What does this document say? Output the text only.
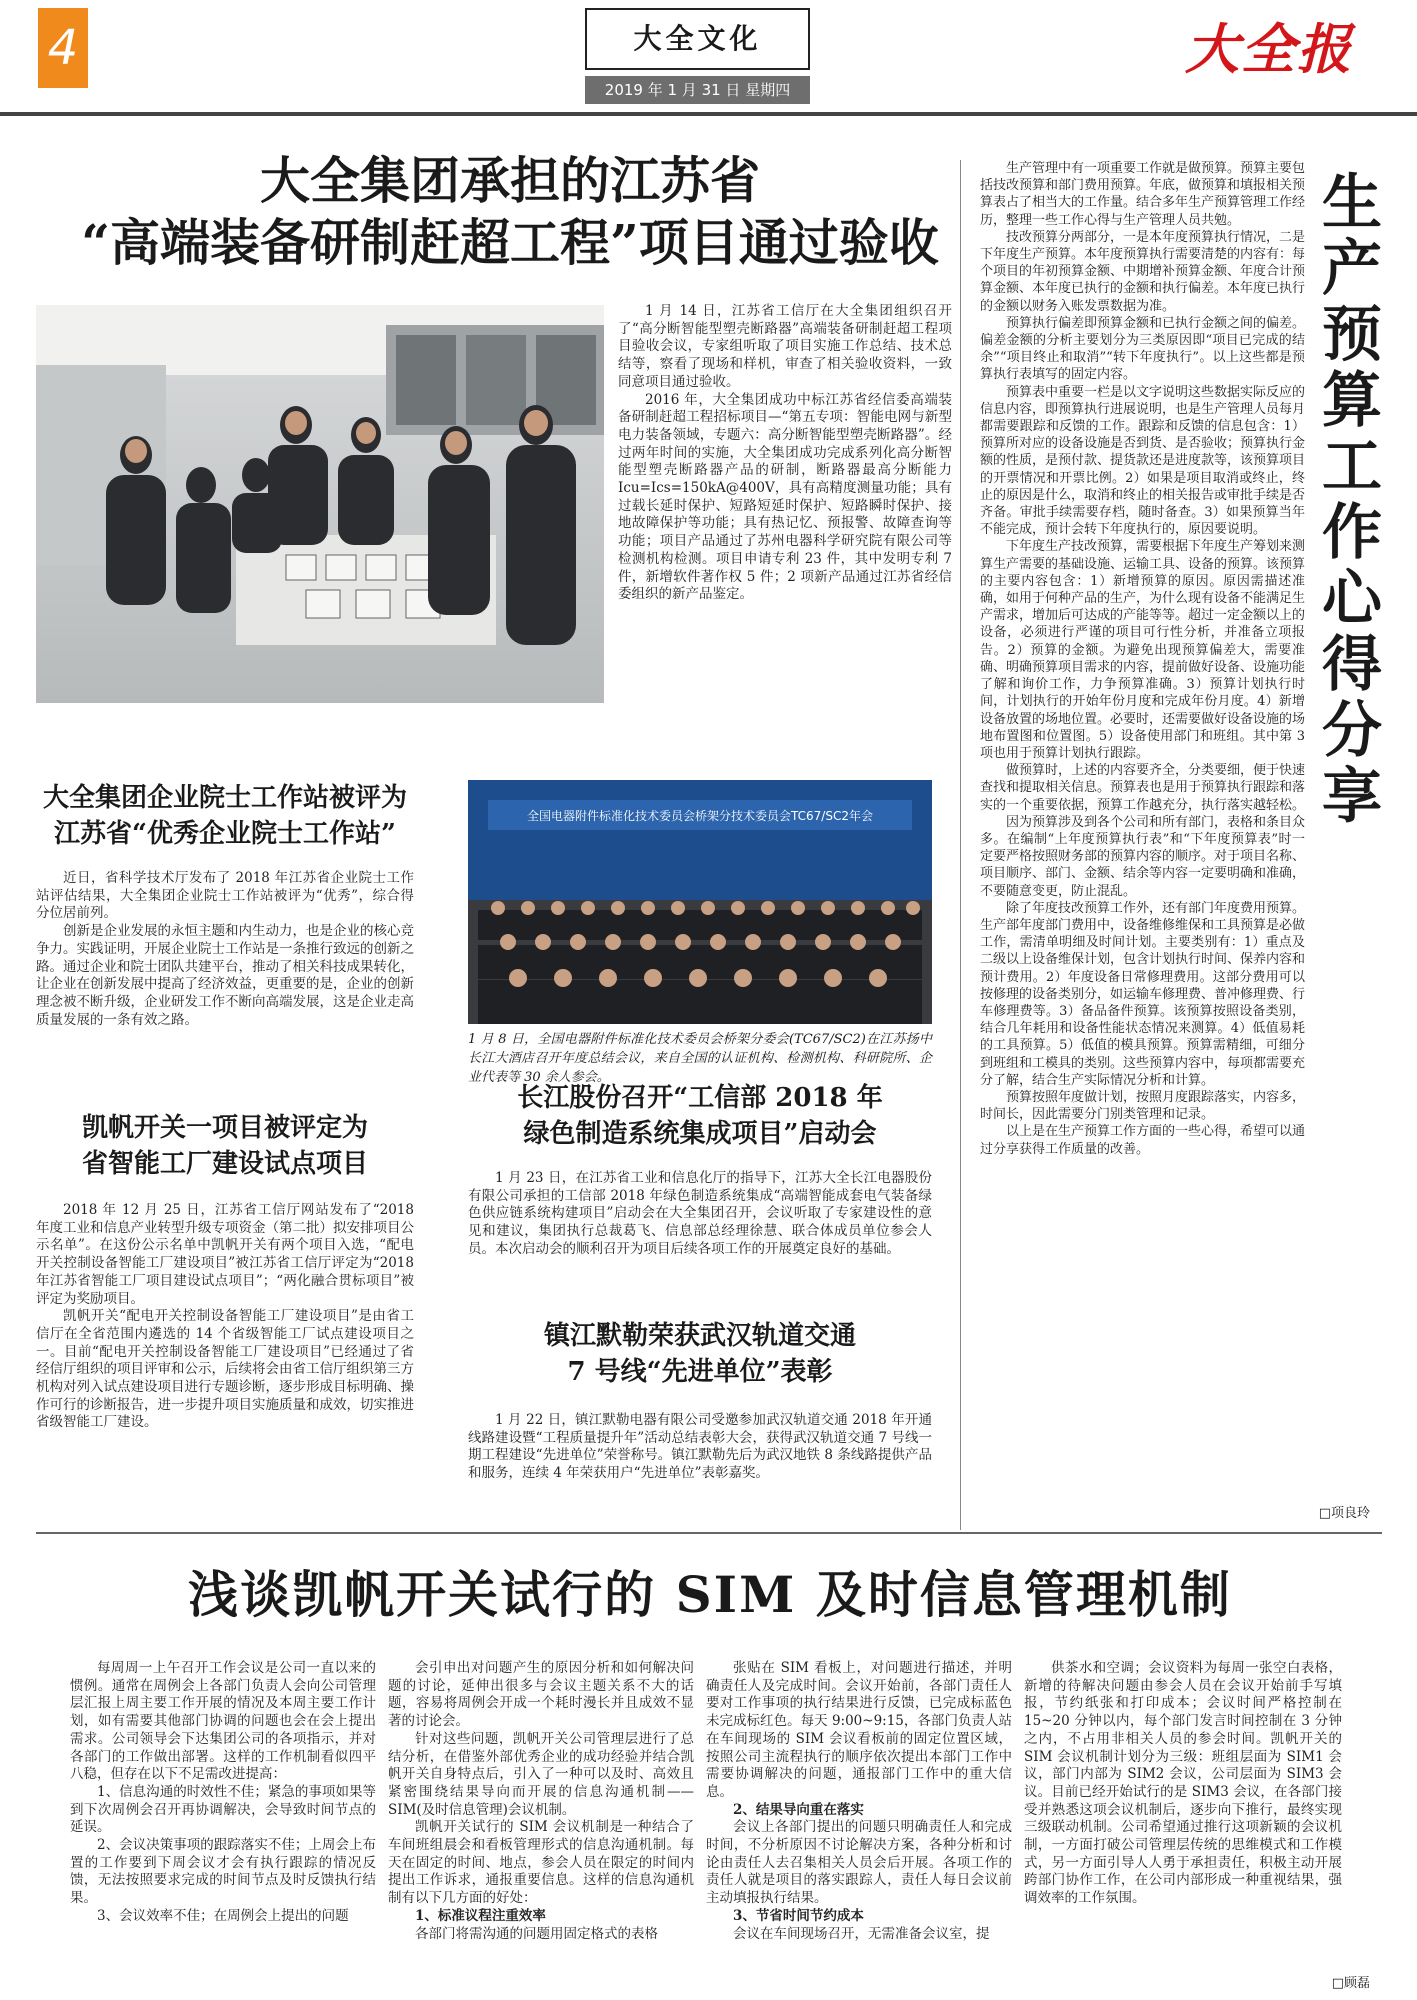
4	大全文化
2019 年 1 月 31 日 星期四
大全报
大全集团承担的江苏省
“高端装备研制赶超工程”项目通过验收

1 月 14 日，江苏省工信厅在大全集团组织召开了“高分断智能型塑壳断路器”高端装备研制赶超工程项目验收会议，专家组听取了项目实施工作总结、技术总结等，察看了现场和样机，审查了相关验收资料，一致同意项目通过验收。

2016 年，大全集团成功中标江苏省经信委高端装备研制赶超工程招标项目—“第五专项：智能电网与新型电力装备领域，专题六：高分断智能型塑壳断路器”。经过两年时间的实施，大全集团成功完成系列化高分断智能型塑壳断路器产品的研制，断路器最高分断能力 Icu=Ics=150kA@400V，具有高精度测量功能；具有过载长延时保护、短路短延时保护、短路瞬时保护、接地故障保护等功能；具有热记忆、预报警、故障查询等功能；项目产品通过了苏州电器科学研究院有限公司等检测机构检测。项目申请专利 23 件，其中发明专利 7 件，新增软件著作权 5 件；2 项新产品通过江苏省经信委组织的新产品鉴定。

大全集团企业院士工作站被评为
江苏省“优秀企业院士工作站”

近日，省科学技术厅发布了 2018 年江苏省企业院士工作站评估结果，大全集团企业院士工作站被评为“优秀”，综合得分位居前列。

创新是企业发展的永恒主题和内生动力，也是企业的核心竞争力。实践证明，开展企业院士工作站是一条推行致远的创新之路。通过企业和院士团队共建平台，推动了相关科技成果转化，让企业在创新发展中提高了经济效益，更重要的是，企业的创新理念被不断升级，企业研发工作不断向高端发展，这是企业走高质量发展的一条有效之路。

全国电器附件标准化技术委员会桥架分技术委员会TC67/SC2年会
1 月 8 日，全国电器附件标准化技术委员会桥架分委会(TC67/SC2)在江苏扬中长江大酒店召开年度总结会议，来自全国的认证机构、检测机构、科研院所、企业代表等 30 余人参会。
凯帆开关一项目被评定为
省智能工厂建设试点项目

2018 年 12 月 25 日，江苏省工信厅网站发布了“2018 年度工业和信息产业转型升级专项资金（第二批）拟安排项目公示名单”。在这份公示名单中凯帆开关有两个项目入选，“配电开关控制设备智能工厂建设项目”被江苏省工信厅评定为“2018 年江苏省智能工厂项目建设试点项目”；“两化融合贯标项目”被评定为奖励项目。

凯帆开关“配电开关控制设备智能工厂建设项目”是由省工信厅在全省范围内遴选的 14 个省级智能工厂试点建设项目之一。目前“配电开关控制设备智能工厂建设项目”已经通过了省经信厅组织的项目评审和公示，后续将会由省工信厅组织第三方机构对列入试点建设项目进行专题诊断，逐步形成目标明确、操作可行的诊断报告，进一步提升项目实施质量和成效，切实推进省级智能工厂建设。

长江股份召开“工信部 2018 年
绿色制造系统集成项目”启动会

1 月 23 日，在江苏省工业和信息化厅的指导下，江苏大全长江电器股份有限公司承担的工信部 2018 年绿色制造系统集成“高端智能成套电气装备绿色供应链系统构建项目”启动会在大全集团召开，会议听取了专家建设性的意见和建议，集团执行总裁葛飞、信息部总经理徐慧、联合体成员单位参会人员。本次启动会的顺利召开为项目后续各项工作的开展奠定良好的基础。

镇江默勒荣获武汉轨道交通
7 号线“先进单位”表彰

1 月 22 日，镇江默勒电器有限公司受邀参加武汉轨道交通 2018 年开通线路建设暨“工程质量提升年”活动总结表彰大会，获得武汉轨道交通 7 号线一期工程建设“先进单位”荣誉称号。镇江默勒先后为武汉地铁 8 条线路提供产品和服务，连续 4 年荣获用户“先进单位”表彰嘉奖。

生产预算工作心得分享

生产管理中有一项重要工作就是做预算。预算主要包括技改预算和部门费用预算。年底，做预算和填报相关预算表占了相当大的工作量。结合多年生产预算管理工作经历，整理一些工作心得与生产管理人员共勉。

技改预算分两部分，一是本年度预算执行情况，二是下年度生产预算。本年度预算执行需要清楚的内容有：每个项目的年初预算金额、中期增补预算金额、年度合计预算金额、本年度已执行的金额和执行偏差。本年度已执行的金额以财务入账发票数据为准。

预算执行偏差即预算金额和已执行金额之间的偏差。偏差金额的分析主要划分为三类原因即“项目已完成的结余”“项目终止和取消”“转下年度执行”。以上这些都是预算执行表填写的固定内容。

预算表中重要一栏是以文字说明这些数据实际反应的信息内容，即预算执行进展说明，也是生产管理人员每月都需要跟踪和反馈的工作。跟踪和反馈的信息包含：1）预算所对应的设备设施是否到货、是否验收；预算执行金额的性质，是预付款、提货款还是进度款等，该预算项目的开票情况和开票比例。2）如果是项目取消或终止，终止的原因是什么，取消和终止的相关报告或审批手续是否齐备。审批手续需要存档，随时备查。3）如果预算当年不能完成，预计会转下年度执行的，原因要说明。

下年度生产技改预算，需要根据下年度生产筹划来测算生产需要的基础设施、运输工具、设备的预算。该预算的主要内容包含：1）新增预算的原因。原因需描述准确，如用于何种产品的生产，为什么现有设备不能满足生产需求，增加后可达成的产能等等。超过一定金额以上的设备，必须进行严谨的项目可行性分析，并准备立项报告。2）预算的金额。为避免出现预算偏差大，需要准确、明确预算项目需求的内容，提前做好设备、设施功能了解和询价工作，力争预算准确。3）预算计划执行时间，计划执行的开始年份月度和完成年份月度。4）新增设备放置的场地位置。必要时，还需要做好设备设施的场地布置图和位置图。5）设备使用部门和班组。其中第 3 项也用于预算计划执行跟踪。

做预算时，上述的内容要齐全，分类要细，便于快速查找和提取相关信息。预算表也是用于预算执行跟踪和落实的一个重要依据，预算工作越充分，执行落实越轻松。

因为预算涉及到各个公司和所有部门，表格和条目众多。在编制“上年度预算执行表”和“下年度预算表”时一定要严格按照财务部的预算内容的顺序。对于项目名称、项目顺序、部门、金额、结余等内容一定要明确和准确，不要随意变更，防止混乱。

除了年度技改预算工作外，还有部门年度费用预算。生产部年度部门费用中，设备维修维保和工具预算是必做工作，需清单明细及时间计划。主要类别有：1）重点及二级以上设备维保计划，包含计划执行时间、保养内容和预计费用。2）年度设备日常修理费用。这部分费用可以按修理的设备类别分，如运输车修理费、普冲修理费、行车修理费等。3）备品备件预算。该预算按照设备类别，结合几年耗用和设备性能状态情况来测算。4）低值易耗的工具预算。5）低值的模具预算。预算需精细，可细分到班组和工模具的类别。这些预算内容中，每项都需要充分了解，结合生产实际情况分析和计算。

预算按照年度做计划，按照月度跟踪落实，内容多，时间长，因此需要分门别类管理和记录。

以上是在生产预算工作方面的一些心得，希望可以通过分享获得工作质量的改善。

□项良玲
浅谈凯帆开关试行的 SIM 及时信息管理机制

每周周一上午召开工作会议是公司一直以来的惯例。通常在周例会上各部门负责人会向公司管理层汇报上周主要工作开展的情况及本周主要工作计划，如有需要其他部门协调的问题也会在会上提出需求。公司领导会下达集团公司的各项指示，并对各部门的工作做出部署。这样的工作机制看似四平八稳，但存在以下不足需改进提高：

1、信息沟通的时效性不佳；紧急的事项如果等到下次周例会召开再协调解决，会导致时间节点的延误。

2、会议决策事项的跟踪落实不佳；上周会上布置的工作要到下周会议才会有执行跟踪的情况反馈，无法按照要求完成的时间节点及时反馈执行结果。

3、会议效率不佳；在周例会上提出的问题

会引申出对问题产生的原因分析和如何解决问题的讨论，延伸出很多与会议主题关系不大的话题，容易将周例会开成一个耗时漫长并且成效不显著的讨论会。

针对这些问题，凯帆开关公司管理层进行了总结分析，在借鉴外部优秀企业的成功经验并结合凯帆开关自身特点后，引入了一种可以及时、高效且紧密围绕结果导向而开展的信息沟通机制——SIM(及时信息管理)会议机制。

凯帆开关试行的 SIM 会议机制是一种结合了车间班组晨会和看板管理形式的信息沟通机制。每天在固定的时间、地点，参会人员在限定的时间内提出工作诉求，通报重要信息。这样的信息沟通机制有以下几方面的好处：

1、标准议程注重效率

各部门将需沟通的问题用固定格式的表格

张贴在 SIM 看板上，对问题进行描述，并明确责任人及完成时间。会议开始前，各部门责任人要对工作事项的执行结果进行反馈，已完成标蓝色未完成标红色。每天 9:00~9:15，各部门负责人站在车间现场的 SIM 会议看板前的固定位置区域，按照公司主流程执行的顺序依次提出本部门工作中需要协调解决的问题，通报部门工作中的重大信息。

2、结果导向重在落实

会议上各部门提出的问题只明确责任人和完成时间，不分析原因不讨论解决方案，各种分析和讨论由责任人去召集相关人员会后开展。各项工作的责任人就是项目的落实跟踪人，责任人每日会议前主动填报执行结果。

3、节省时间节约成本

会议在车间现场召开，无需准备会议室，提

供茶水和空调；会议资料为每周一张空白表格，新增的待解决问题由参会人员在会议开始前手写填报，节约纸张和打印成本；会议时间严格控制在 15~20 分钟以内，每个部门发言时间控制在 3 分钟之内，不占用非相关人员的参会时间。凯帆开关的 SIM 会议机制计划分为三级：班组层面为 SIM1 会议，部门内部为 SIM2 会议，公司层面为 SIM3 会议。目前已经开始试行的是 SIM3 会议，在各部门接受并熟悉这项会议机制后，逐步向下推行，最终实现三级联动机制。公司希望通过推行这项新颖的会议机制，一方面打破公司管理层传统的思维模式和工作模式，另一方面引导人人勇于承担责任，积极主动开展跨部门协作工作，在公司内部形成一种重视结果，强调效率的工作氛围。

□顾磊
